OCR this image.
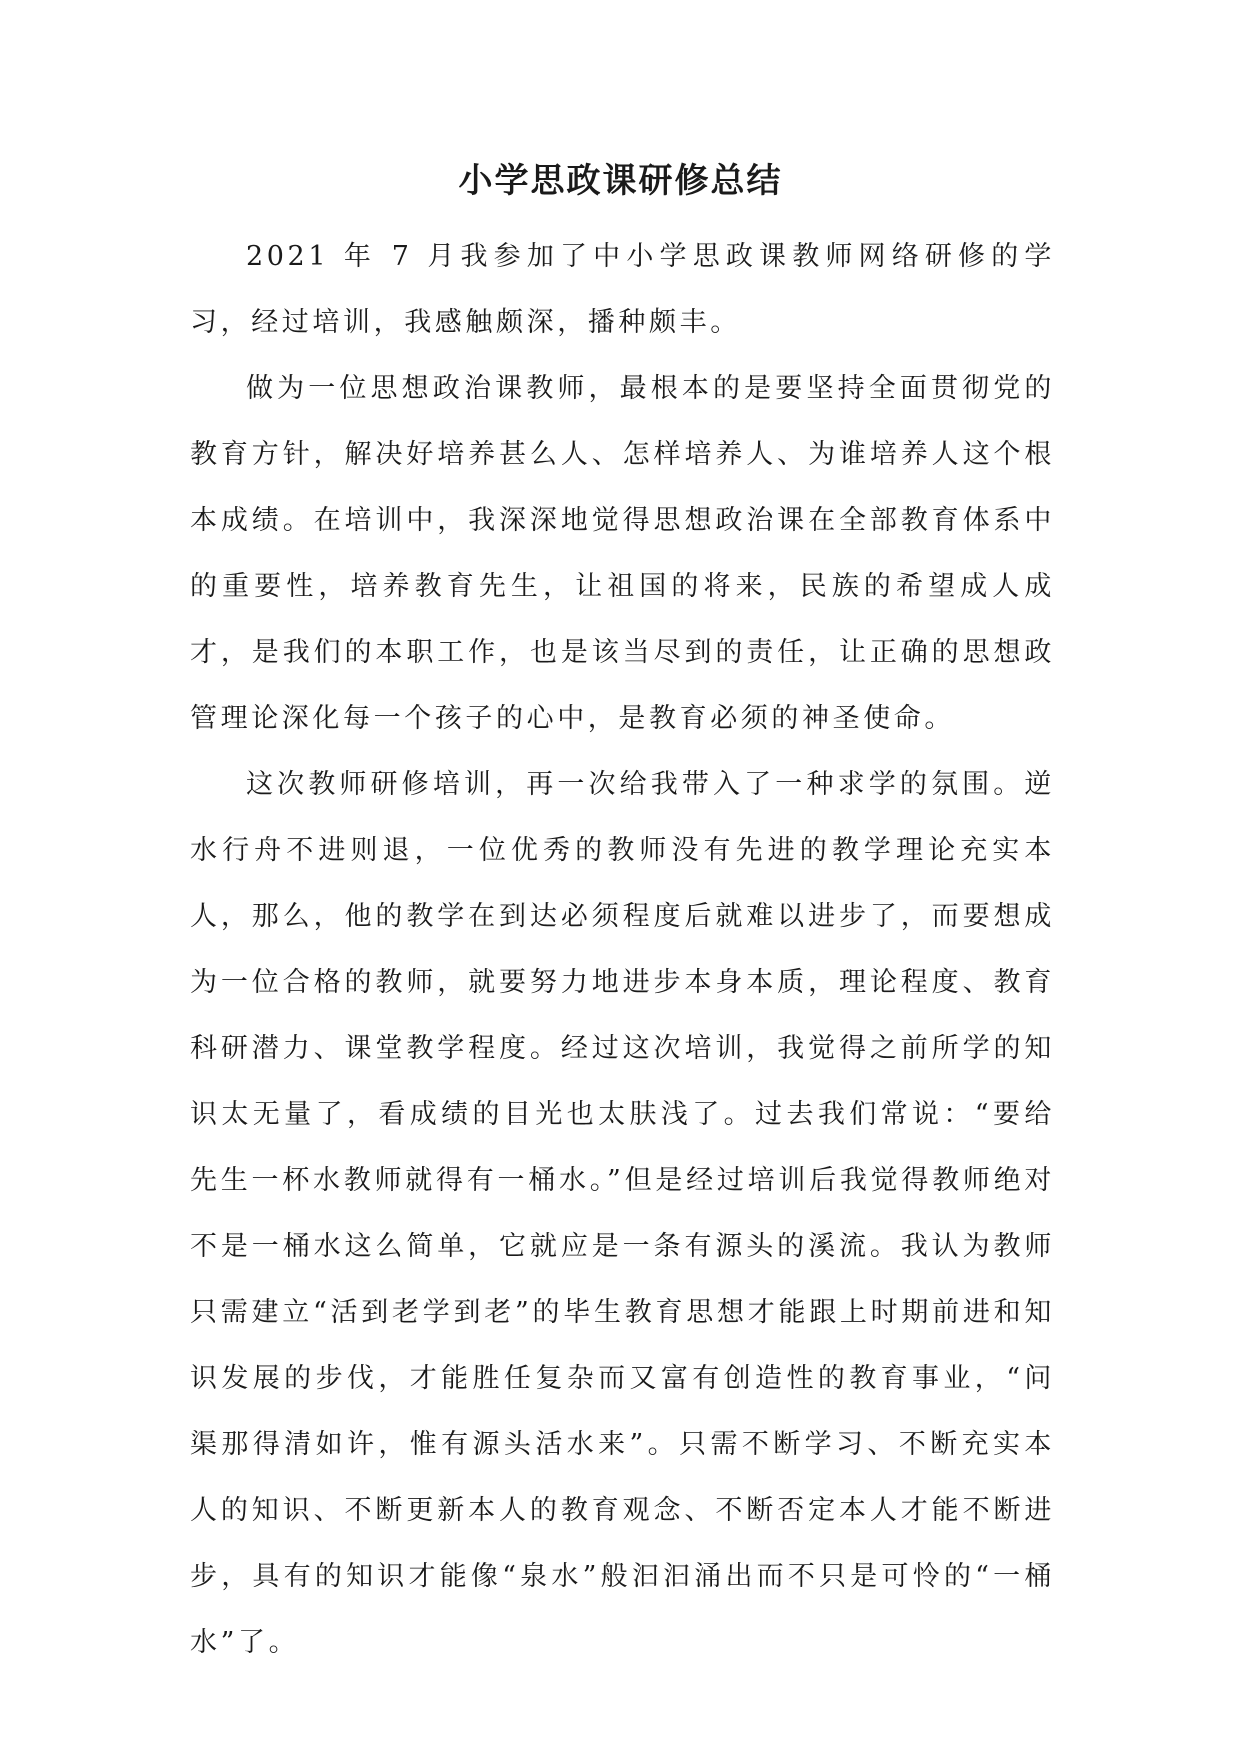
小学思政课研修总结

2021 年 7 月我参加了中小学思政课教师网络研修的学习，经过培训，我感触颇深，播种颇丰。

做为一位思想政治课教师，最根本的是要坚持全面贯彻党的教育方针，解决好培养甚么人、怎样培养人、为谁培养人这个根本成绩。在培训中，我深深地觉得思想政治课在全部教育体系中的重要性，培养教育先生，让祖国的将来，民族的希望成人成才，是我们的本职工作，也是该当尽到的责任，让正确的思想政管理论深化每一个孩子的心中，是教育必须的神圣使命。

这次教师研修培训，再一次给我带入了一种求学的氛围。逆水行舟不进则退，一位优秀的教师没有先进的教学理论充实本人，那么，他的教学在到达必须程度后就难以进步了，而要想成为一位合格的教师，就要努力地进步本身本质，理论程度、教育科研潜力、课堂教学程度。经过这次培训，我觉得之前所学的知识太无量了，看成绩的目光也太肤浅了。过去我们常说：“要给先生一杯水教师就得有一桶水。”但是经过培训后我觉得教师绝对不是一桶水这么简单，它就应是一条有源头的溪流。我认为教师只需建立“活到老学到老”的毕生教育思想才能跟上时期前进和知识发展的步伐，才能胜任复杂而又富有创造性的教育事业，“问渠那得清如许，惟有源头活水来”。只需不断学习、不断充实本人的知识、不断更新本人的教育观念、不断否定本人才能不断进步，具有的知识才能像“泉水”般汩汩涌出而不只是可怜的“一桶水”了。
